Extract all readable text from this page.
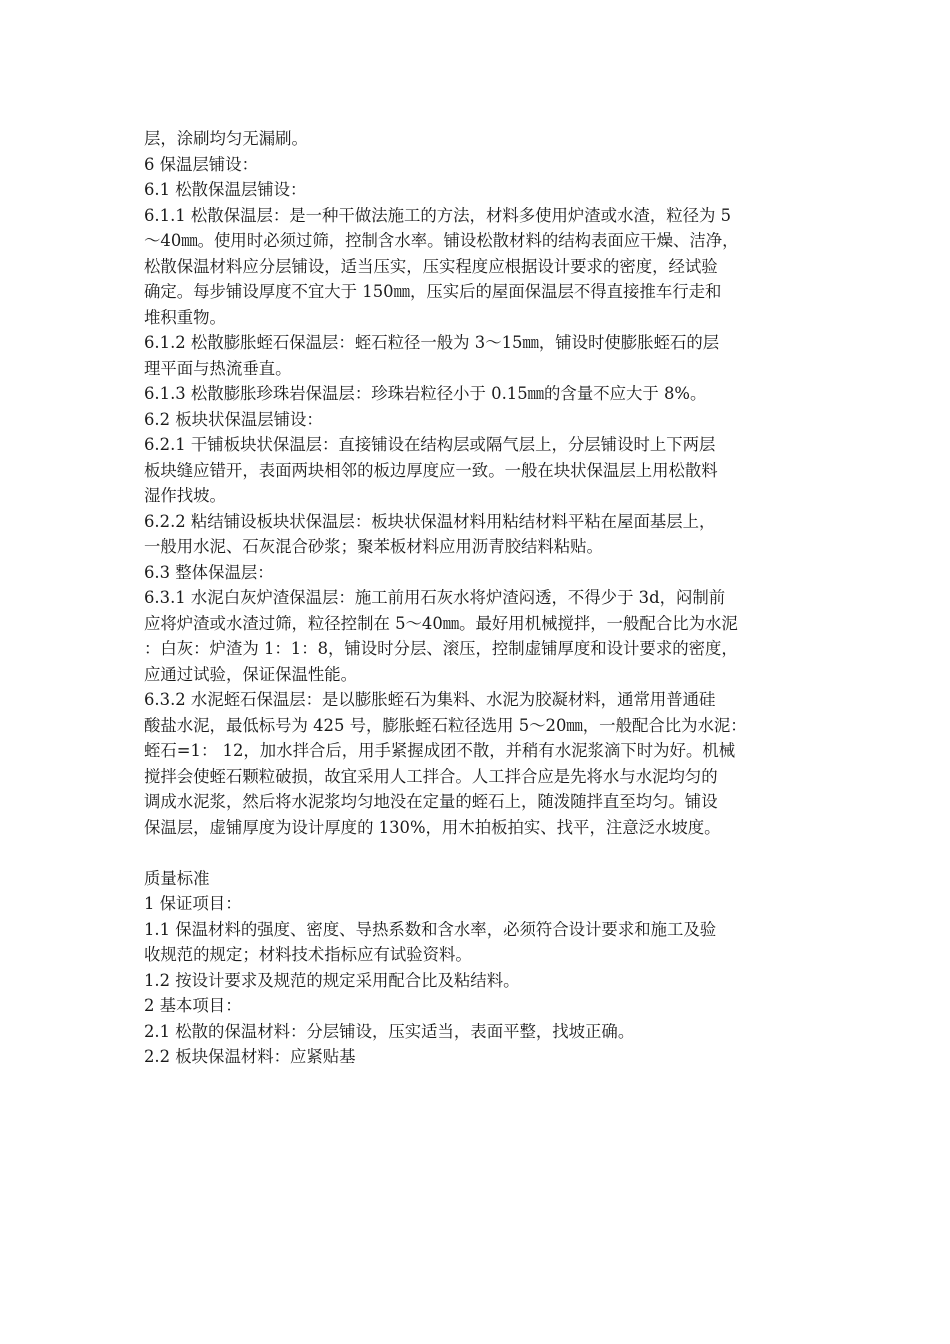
层，涂刷均匀无漏刷。
6 保温层铺设：
6.1 松散保温层铺设：
6.1.1 松散保温层：是一种干做法施工的方法，材料多使用炉渣或水渣，粒径为 5
～40㎜。使用时必须过筛，控制含水率。铺设松散材料的结构表面应干燥、洁净，
松散保温材料应分层铺设，适当压实，压实程度应根据设计要求的密度，经试验
确定。每步铺设厚度不宜大于 150㎜，压实后的屋面保温层不得直接推车行走和
堆积重物。
6.1.2 松散膨胀蛭石保温层：蛭石粒径一般为 3～15㎜，铺设时使膨胀蛭石的层
理平面与热流垂直。
6.1.3 松散膨胀珍珠岩保温层：珍珠岩粒径小于 0.15㎜的含量不应大于 8%。
6.2 板块状保温层铺设：
6.2.1 干铺板块状保温层：直接铺设在结构层或隔气层上，分层铺设时上下两层
板块缝应错开，表面两块相邻的板边厚度应一致。一般在块状保温层上用松散料
湿作找坡。
6.2.2 粘结铺设板块状保温层：板块状保温材料用粘结材料平粘在屋面基层上，
一般用水泥、石灰混合砂浆；聚苯板材料应用沥青胶结料粘贴。
6.3 整体保温层：
6.3.1 水泥白灰炉渣保温层：施工前用石灰水将炉渣闷透，不得少于 3d，闷制前
应将炉渣或水渣过筛，粒径控制在 5～40㎜。最好用机械搅拌，一般配合比为水泥
：白灰：炉渣为 1：1：8，铺设时分层、滚压，控制虚铺厚度和设计要求的密度，
应通过试验，保证保温性能。
6.3.2 水泥蛭石保温层：是以膨胀蛭石为集料、水泥为胶凝材料，通常用普通硅
酸盐水泥，最低标号为 425 号，膨胀蛭石粒径选用 5～20㎜，一般配合比为水泥：
蛭石=1： 12，加水拌合后，用手紧握成团不散，并稍有水泥浆滴下时为好。机械
搅拌会使蛭石颗粒破损，故宜采用人工拌合。人工拌合应是先将水与水泥均匀的
调成水泥浆，然后将水泥浆均匀地没在定量的蛭石上，随泼随拌直至均匀。铺设
保温层，虚铺厚度为设计厚度的 130%，用木拍板拍实、找平，注意泛水坡度。
质量标准
1 保证项目：
1.1 保温材料的强度、密度、导热系数和含水率，必须符合设计要求和施工及验
收规范的规定；材料技术指标应有试验资料。
1.2 按设计要求及规范的规定采用配合比及粘结料。
2 基本项目：
2.1 松散的保温材料：分层铺设，压实适当，表面平整，找坡正确。
2.2 板块保温材料：应紧贴基
